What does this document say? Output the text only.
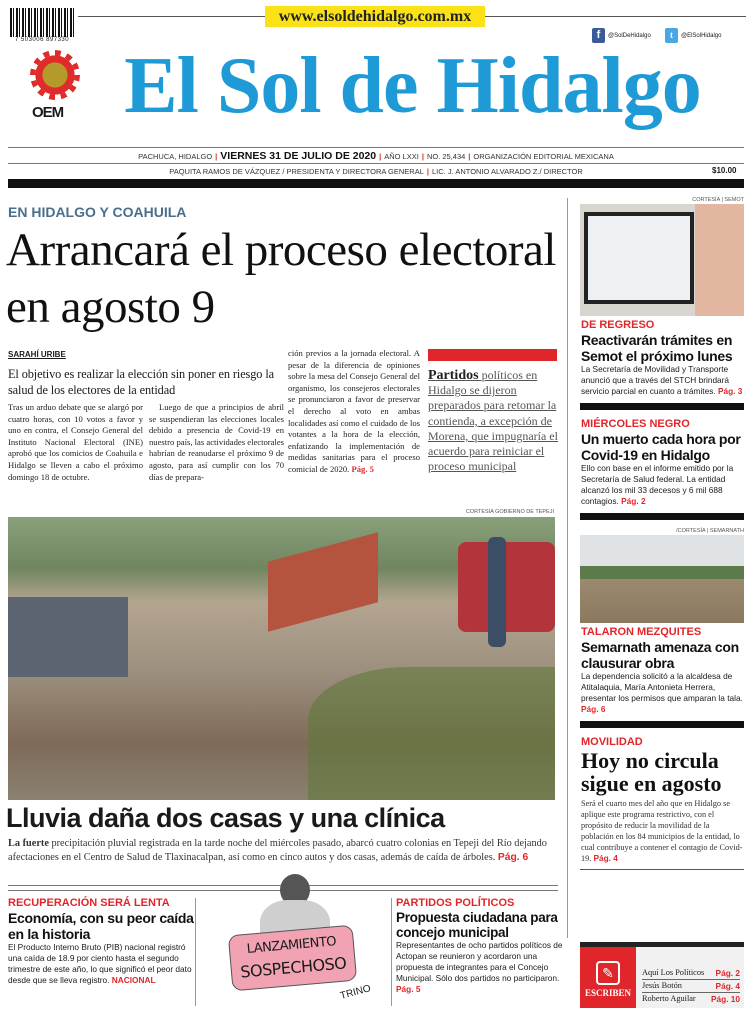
7 503006 897330
www.elsoldehidalgo.com.mx
f	@SolDeHidalgo	t	@ElSolHidalgo
OEM El Sol de Hidalgo
PACHUCA, HIDALGO | VIERNES 31 DE JULIO DE 2020 | AÑO LXXI | NO. 25,434 | ORGANIZACIÓN EDITORIAL MEXICANA
PAQUITA RAMOS DE VÁZQUEZ / PRESIDENTA Y DIRECTORA GENERAL | LIC. J. ANTONIO ALVARADO Z./ DIRECTOR	$10.00
EN HIDALGO Y COAHUILA
Arrancará el proceso electoral en agosto 9
SARAHÍ URIBE
El objetivo es realizar la elección sin poner en riesgo la salud de los electores de la entidad
Tras un arduo debate que se alargó por cuatro horas, con 10 votos a favor y uno en contra, el Consejo General del Instituto Nacional Electoral (INE) aprobó que los comicios de Coahuila e Hidalgo se lleven a cabo el próximo domingo 18 de octubre.
Luego de que a principios de abril se suspendieran las elecciones locales debido a presencia de Covid-19 en nuestro país, las actividades electorales habrían de reanudarse el próximo 9 de agosto, para así cumplir con los 70 días de prepara-
ción previos a la jornada electoral. A pesar de la diferencia de opiniones sobre la mesa del Consejo General del organismo, los consejeros electorales se pronunciaron a favor de preservar el derecho al voto en ambas localidades así como el cuidado de los votantes a la hora de la elección, enfatizando la implementación de medidas sanitarias para el proceso comicial de 2020. Pág. 5
Partidos políticos en Hidalgo se dijeron preparados para retomar la contienda, a excepción de Morena, que impugnaría el acuerdo para reiniciar el proceso municipal
CORTESÍA GOBIERNO DE TEPEJI
Lluvia daña dos casas y una clínica
La fuerte precipitación pluvial registrada en la tarde noche del miércoles pasado, abarcó cuatro colonias en Tepeji del Río dejando afectaciones en el Centro de Salud de Tlaxinacalpan, así como en cinco autos y dos casas, además de caída de árboles. Pág. 6
RECUPERACIÓN SERÁ LENTA
Economía, con su peor caída en la historia
El Producto Interno Bruto (PIB) nacional registró una caída de 18.9 por ciento hasta el segundo trimestre de este año, lo que significó el peor dato desde que se lleva registro. NACIONAL
LANZAMIENTO
SOSPECHOSO
TRINO
PARTIDOS POLÍTICOS
Propuesta ciudadana para concejo municipal
Representantes de ocho partidos políticos de Actopan se reunieron y acordaron una propuesta de integrantes para el Concejo Municipal. Sólo dos partidos no participaron. Pág. 5
CORTESÍA | SEMOT
DE REGRESO
Reactivarán trámites en Semot el próximo lunes
La Secretaría de Movilidad y Transporte anunció que a través del STCH brindará servicio parcial en cuanto a trámites. Pág. 3
MIÉRCOLES NEGRO
Un muerto cada hora por Covid-19 en Hidalgo
Ello con base en el informe emitido por la Secretaría de Salud federal. La entidad alcanzó los mil 33 decesos y 6 mil 688 contagios. Pág. 2
/CORTESÍA | SEMARNATH
TALARON MEZQUITES
Semarnath amenaza con clausurar obra
La dependencia solicitó a la alcaldesa de Atitalaquia, María Antonieta Herrera, presentar los permisos que amparan la tala. Pág. 6
MOVILIDAD
Hoy no circula sigue en agosto
Será el cuarto mes del año que en Hidalgo se aplique este programa restrictivo, con el propósito de reducir la movilidad de la población en los 84 municipios de la entidad, lo cual contribuye a contener el contagio de Covid-19. Pág. 4
✎
ESCRIBEN
Aquí Los Políticos Pág. 2
Jesús Botón	Pág. 4
Roberto Aguilar Pág. 10
